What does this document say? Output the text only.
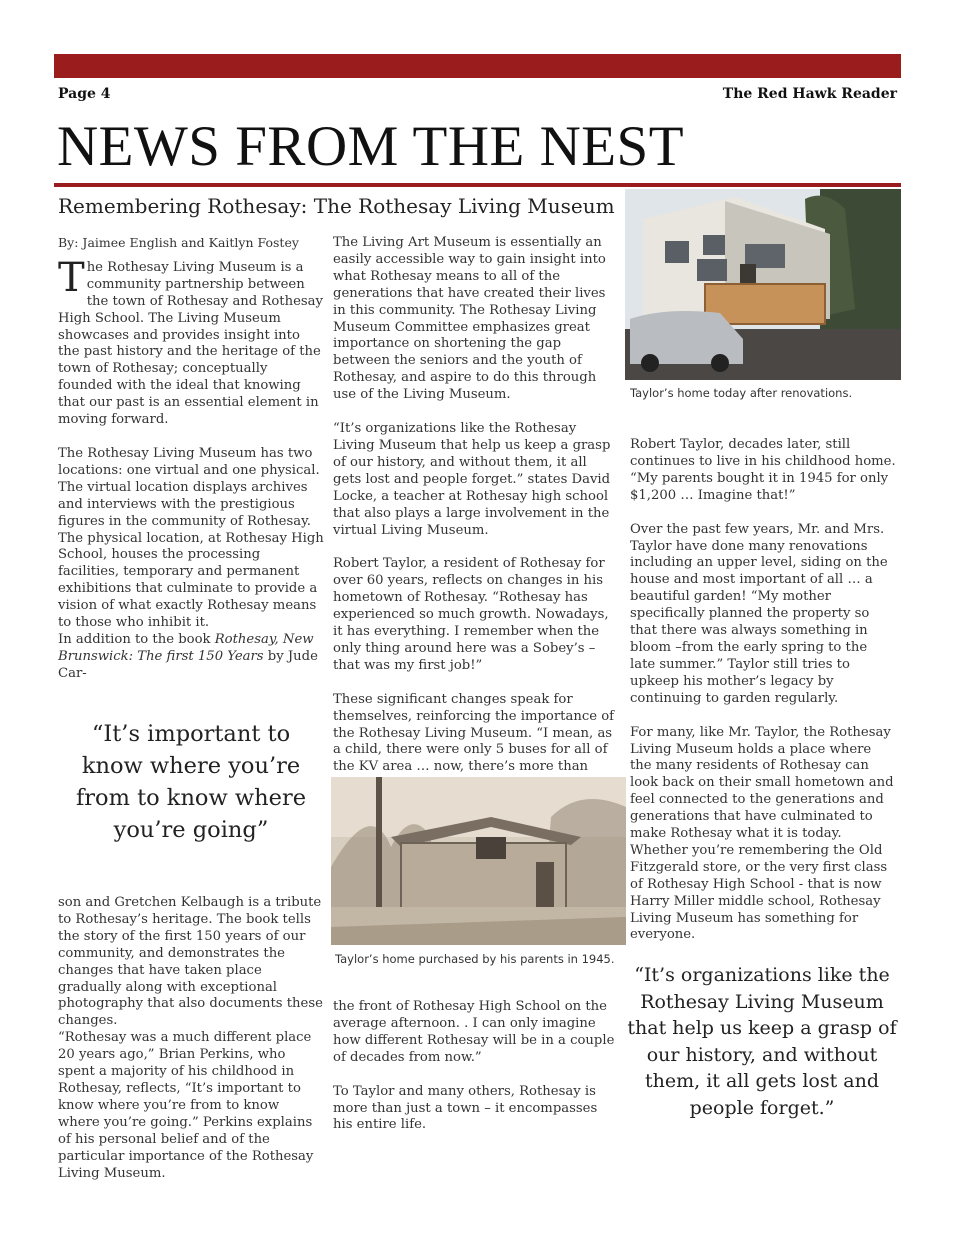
Page 4	The Red Hawk Reader
NEWS FROM THE NEST
Remembering Rothesay: The Rothesay Living Museum

By: Jaimee English and Kaitlyn Fostey

The Rothesay Living Museum is a community partnership between the town of Rothesay and Rothesay High School. The Living Museum showcases and provides insight into the past history and the heritage of the town of Rothesay; conceptually founded with the ideal that knowing that our past is an essential element in moving forward.

The Rothesay Living Museum has two locations: one virtual and one physical. The virtual location displays archives and interviews with the prestigious figures in the community of Rothesay. The physical location, at Rothesay High School, houses the processing facilities, temporary and permanent exhibitions that culminate to provide a vision of what exactly Rothesay means to those who inhibit it.

In addition to the book Rothesay, New Brunswick: The first 150 Years by Jude Car-

“It’s important to know where you’re from to know where you’re going”

son and Gretchen Kelbaugh is a tribute to Rothesay’s heritage. The book tells the story of the first 150 years of our community, and demonstrates the changes that have taken place gradually along with exceptional photography that also documents these changes.

“Rothesay was a much different place 20 years ago,” Brian Perkins, who spent a majority of his childhood in Rothesay, reflects, “It’s important to know where you’re from to know where you’re going.” Perkins explains of his personal belief and of the particular importance of the Rothesay Living Museum.

The Living Art Museum is essentially an easily accessible way to gain insight into what Rothesay means to all of the generations that have created their lives in this community. The Rothesay Living Museum Committee emphasizes great importance on shortening the gap between the seniors and the youth of Rothesay, and aspire to do this through use of the Living Museum.

“It’s organizations like the Rothesay Living Museum that help us keep a grasp of our history, and without them, it all gets lost and people forget.” states David Locke, a teacher at Rothesay high school that also plays a large involvement in the virtual Living Museum.

Robert Taylor, a resident of Rothesay for over 60 years, reflects on changes in his hometown of Rothesay. “Rothesay has experienced so much growth. Nowadays, it has everything. I remember when the only thing around here was a Sobey’s – that was my first job!”

These significant changes speak for themselves, reinforcing the importance of the Rothesay Living Museum. “I mean, as a child, there were only 5 buses for all of the KV area … now, there’s more than

Taylor’s home purchased by his parents in 1945.

the front of Rothesay High School on the average afternoon. . I can only imagine how different Rothesay will be in a couple of decades from now.”

To Taylor and many others, Rothesay is more than just a town – it encompasses his entire life.

Taylor’s home today after renovations.

Robert Taylor, decades later, still continues to live in his childhood home. “My parents bought it in 1945 for only $1,200 … Imagine that!”

Over the past few years, Mr. and Mrs. Taylor have done many renovations including an upper level, siding on the house and most important of all … a beautiful garden! “My mother specifically planned the property so that there was always something in bloom –from the early spring to the late summer.” Taylor still tries to upkeep his mother’s legacy by continuing to garden regularly.

For many, like Mr. Taylor, the Rothesay Living Museum holds a place where the many residents of Rothesay can look back on their small hometown and feel connected to the generations and generations that have culminated to make Rothesay what it is today. Whether you’re remembering the Old Fitzgerald store, or the very first class of Rothesay High School - that is now Harry Miller middle school, Rothesay Living Museum has something for everyone.

“It’s organizations like the Rothesay Living Museum that help us keep a grasp of our history, and without them, it all gets lost and people forget.”
